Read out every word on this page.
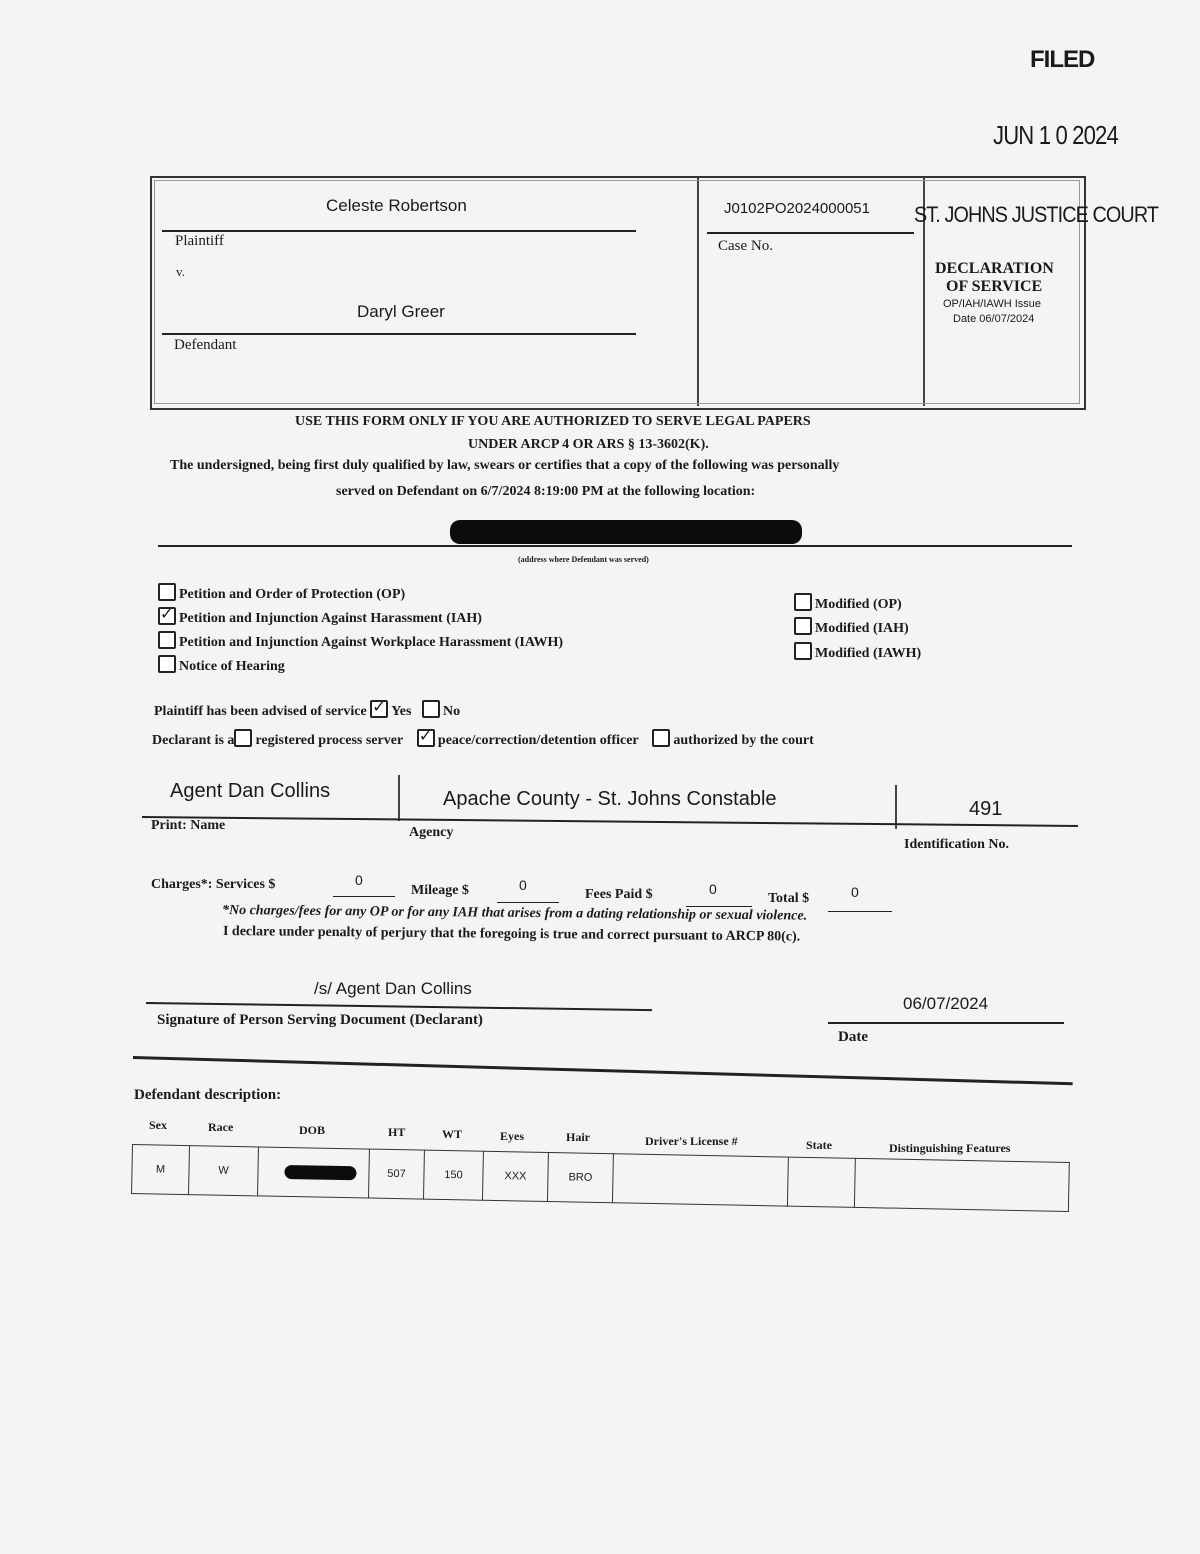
FILED
JUN 1 0 2024
Celeste Robertson
Plaintiff
v.
Daryl Greer
Defendant
J0102PO2024000051
Case No.
ST. JOHNS JUSTICE COURT
DECLARATION
OF SERVICE
OP/IAH/IAWH Issue
Date 06/07/2024
USE THIS FORM ONLY IF YOU ARE AUTHORIZED TO SERVE LEGAL PAPERS
UNDER ARCP 4 OR ARS § 13-3602(K).
The undersigned, being first duly qualified by law, swears or certifies that a copy of the following was personally
served on Defendant on 6/7/2024 8:19:00 PM at the following location:
(address where Defendant was served)
Petition and Order of Protection (OP)
✓Petition and Injunction Against Harassment (IAH)
Petition and Injunction Against Workplace Harassment (IAWH)
Notice of Hearing
Modified (OP)
Modified (IAH)
Modified (IAWH)
Plaintiff has been advised of service ✓ Yes No
Declarant is a registered process server ✓	peace/correction/detention officer	authorized by the court
Agent Dan Collins	Apache County - St. Johns Constable	491
Print: Name	Agency
Identification No.
Charges*: Services $	0
Mileage $	0
Fees Paid $	0
Total $	0
*No charges/fees for any OP or for any IAH that arises from a dating relationship or sexual violence.
I declare under penalty of perjury that the foregoing is true and correct pursuant to ARCP 80(c).
/s/ Agent Dan Collins
Signature of Person Serving Document (Declarant)
06/07/2024
Date
Defendant description:
Sex	Race	DOB	HT	WT	Eyes	Hair	Driver's License #	State	Distinguishing Features
M	W		507	150	XXX	BRO			
